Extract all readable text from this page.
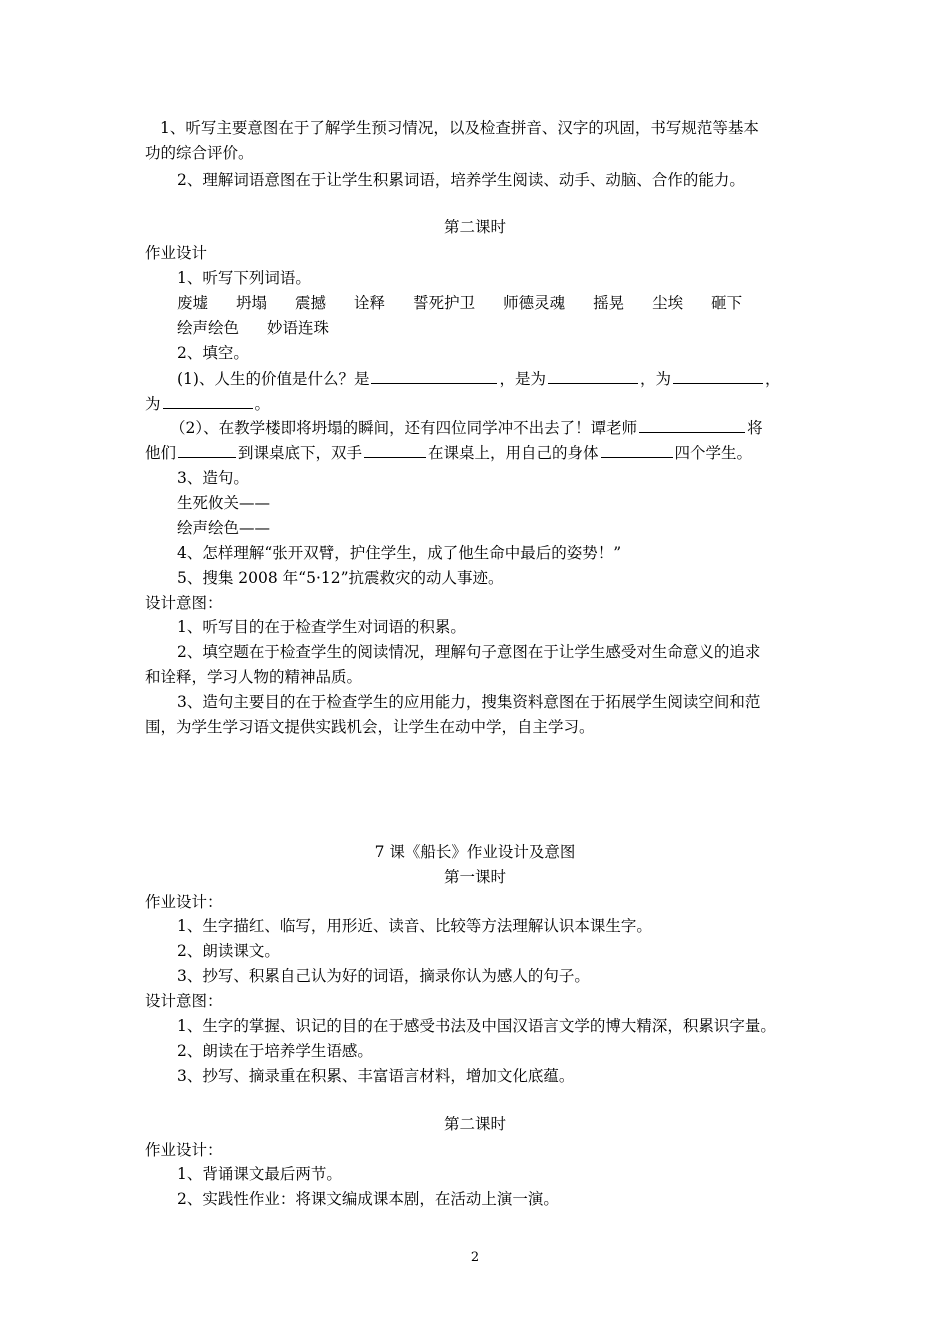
1、听写主要意图在于了解学生预习情况，以及检查拼音、汉字的巩固，书写规范等基本
功的综合评价。
2、理解词语意图在于让学生积累词语，培养学生阅读、动手、动脑、合作的能力。
第二课时
作业设计
1、听写下列词语。
废墟 坍塌 震撼 诠释 誓死护卫 师德灵魂 摇晃 尘埃 砸下
绘声绘色 妙语连珠
2、填空。
(1)、人生的价值是什么？是	，是为	，为	，
为	。
（2）、在教学楼即将坍塌的瞬间，还有四位同学冲不出去了！谭老师	将
他们	到课桌底下，双手	在课桌上，用自己的身体	四个学生。
3、造句。
生死攸关——
绘声绘色——
4、怎样理解“张开双臂，护住学生，成了他生命中最后的姿势！”
5、搜集 2008 年“5·12”抗震救灾的动人事迹。
设计意图：
1、听写目的在于检查学生对词语的积累。
2、填空题在于检查学生的阅读情况，理解句子意图在于让学生感受对生命意义的追求
和诠释，学习人物的精神品质。
3、造句主要目的在于检查学生的应用能力，搜集资料意图在于拓展学生阅读空间和范
围，为学生学习语文提供实践机会，让学生在动中学，自主学习。
7 课《船长》作业设计及意图
第一课时
作业设计：
1、生字描红、临写，用形近、读音、比较等方法理解认识本课生字。
2、朗读课文。
3、抄写、积累自己认为好的词语，摘录你认为感人的句子。
设计意图：
1、生字的掌握、识记的目的在于感受书法及中国汉语言文学的博大精深，积累识字量。
2、朗读在于培养学生语感。
3、抄写、摘录重在积累、丰富语言材料，增加文化底蕴。
第二课时
作业设计：
1、背诵课文最后两节。
2、实践性作业：将课文编成课本剧，在活动上演一演。
2
